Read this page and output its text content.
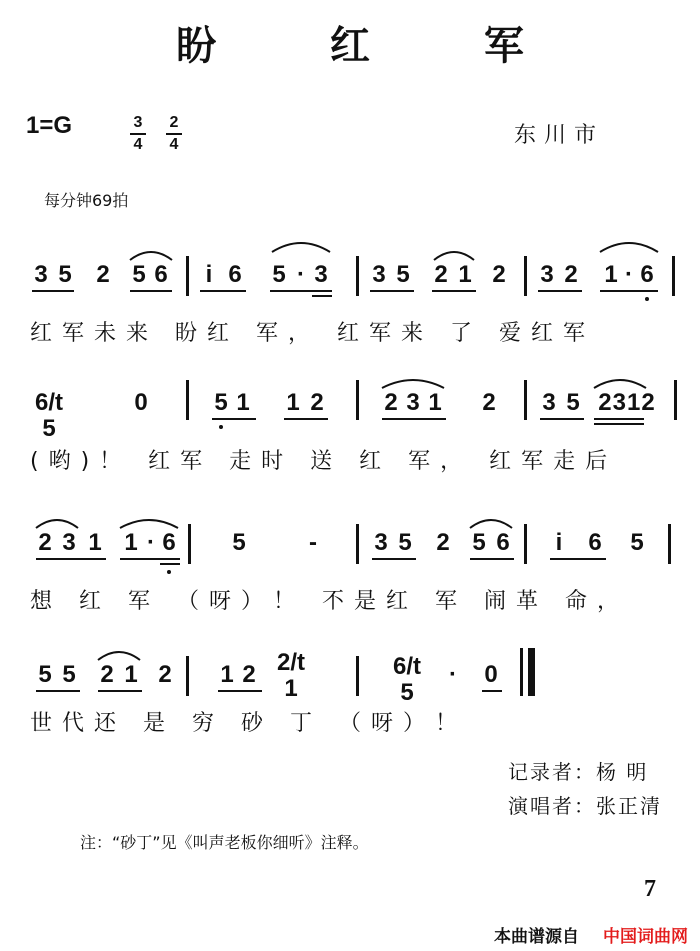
盼 红 军
1=G	3
4
2
4	东川市
每分钟69拍
3 5 2 5 6	i 6 5 · 3 3 5 2 1 2 3 2 1 · 6
红军未来 盼红 军， 红军来 了 爱红军
6/t 5
0	5 1 1 2	2 3 1 2 3 5 2312
(哟)！ 红军 走时 送 红 军， 红军走后
2 3 1 1 · 6 5	- 3 5 2 5 6	i	6 5
想 红 军 （呀）！ 不是红 军 闹革 命，
5 5 2 1 2 1 2 2/t 1
6/t 5
· 0
世代还 是 穷 砂 丁 （呀）！
记录者：杨 明
演唱者：张正清
注：“砂丁”见《叫声老板你细听》注释。
7
本曲谱源自 中国词曲网
